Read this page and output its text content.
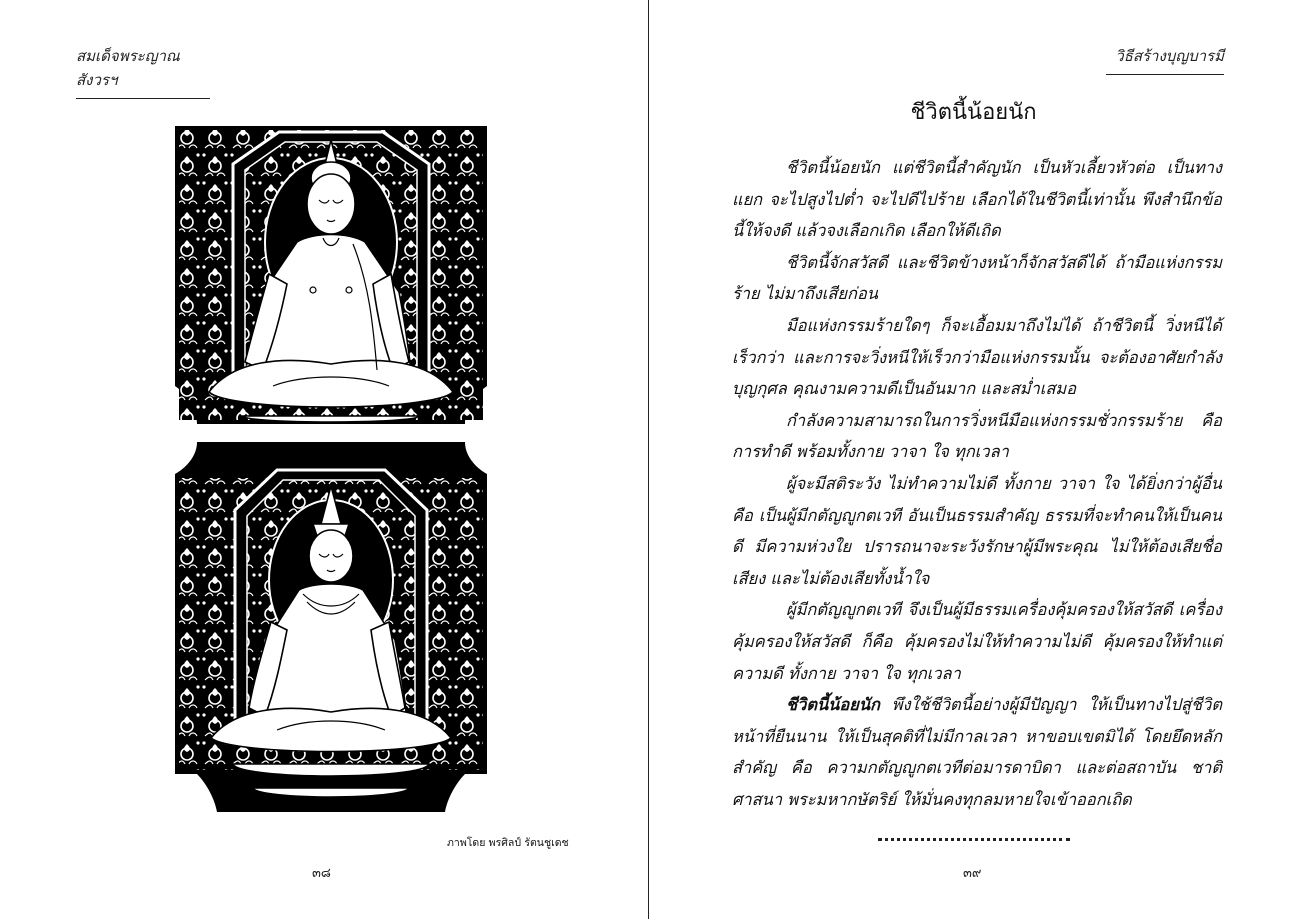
สมเด็จพระญาณสังวรฯ
ภาพโดย พรศิลป์ รัตนชูเดช
๓๘
วิธีสร้างบุญบารมี
ชีวิตนี้น้อยนัก

ชีวิตนี้น้อยนัก แต่ชีวิตนี้สำคัญนัก เป็นหัวเลี้ยวหัวต่อ เป็นทางแยก จะไปสูงไปต่ำ จะไปดีไปร้าย เลือกได้ในชีวิตนี้เท่านั้น พึงสำนึกข้อนี้ให้จงดี แล้วจงเลือกเกิด เลือกให้ดีเถิด

ชีวิตนี้จักสวัสดี และชีวิตข้างหน้าก็จักสวัสดีได้ ถ้ามือแห่งกรรมร้าย ไม่มาถึงเสียก่อน

มือแห่งกรรมร้ายใดๆ ก็จะเอื้อมมาถึงไม่ได้ ถ้าชีวิตนี้ วิ่งหนีได้เร็วกว่า และการจะวิ่งหนีให้เร็วกว่ามือแห่งกรรมนั้น จะต้องอาศัยกำลังบุญกุศล คุณงามความดีเป็นอันมาก และสม่ำเสมอ

กำลังความสามารถในการวิ่งหนีมือแห่งกรรมชั่วกรรมร้าย คือ การทำดี พร้อมทั้งกาย วาจา ใจ ทุกเวลา

ผู้จะมีสติระวัง ไม่ทำความไม่ดี ทั้งกาย วาจา ใจ ได้ยิ่งกว่าผู้อื่น คือ เป็นผู้มีกตัญญูกตเวที อันเป็นธรรมสำคัญ ธรรมที่จะทำคนให้เป็นคนดี มีความห่วงใย ปรารถนาจะระวังรักษาผู้มีพระคุณ ไม่ให้ต้องเสียชื่อเสียง และไม่ต้องเสียทั้งน้ำใจ

ผู้มีกตัญญูกตเวที จึงเป็นผู้มีธรรมเครื่องคุ้มครองให้สวัสดี เครื่องคุ้มครองให้สวัสดี ก็คือ คุ้มครองไม่ให้ทำความไม่ดี คุ้มครองให้ทำแต่ความดี ทั้งกาย วาจา ใจ ทุกเวลา

ชีวิตนี้น้อยนัก พึงใช้ชีวิตนี้อย่างผู้มีปัญญา ให้เป็นทางไปสู่ชีวิตหน้าที่ยืนนาน ให้เป็นสุคติที่ไม่มีกาลเวลา หาขอบเขตมิได้ โดยยึดหลักสำคัญ คือ ความกตัญญูกตเวทีต่อมารดาบิดา และต่อสถาบัน ชาติ ศาสนา พระมหากษัตริย์ ให้มั่นคงทุกลมหายใจเข้าออกเถิด

๓๙
